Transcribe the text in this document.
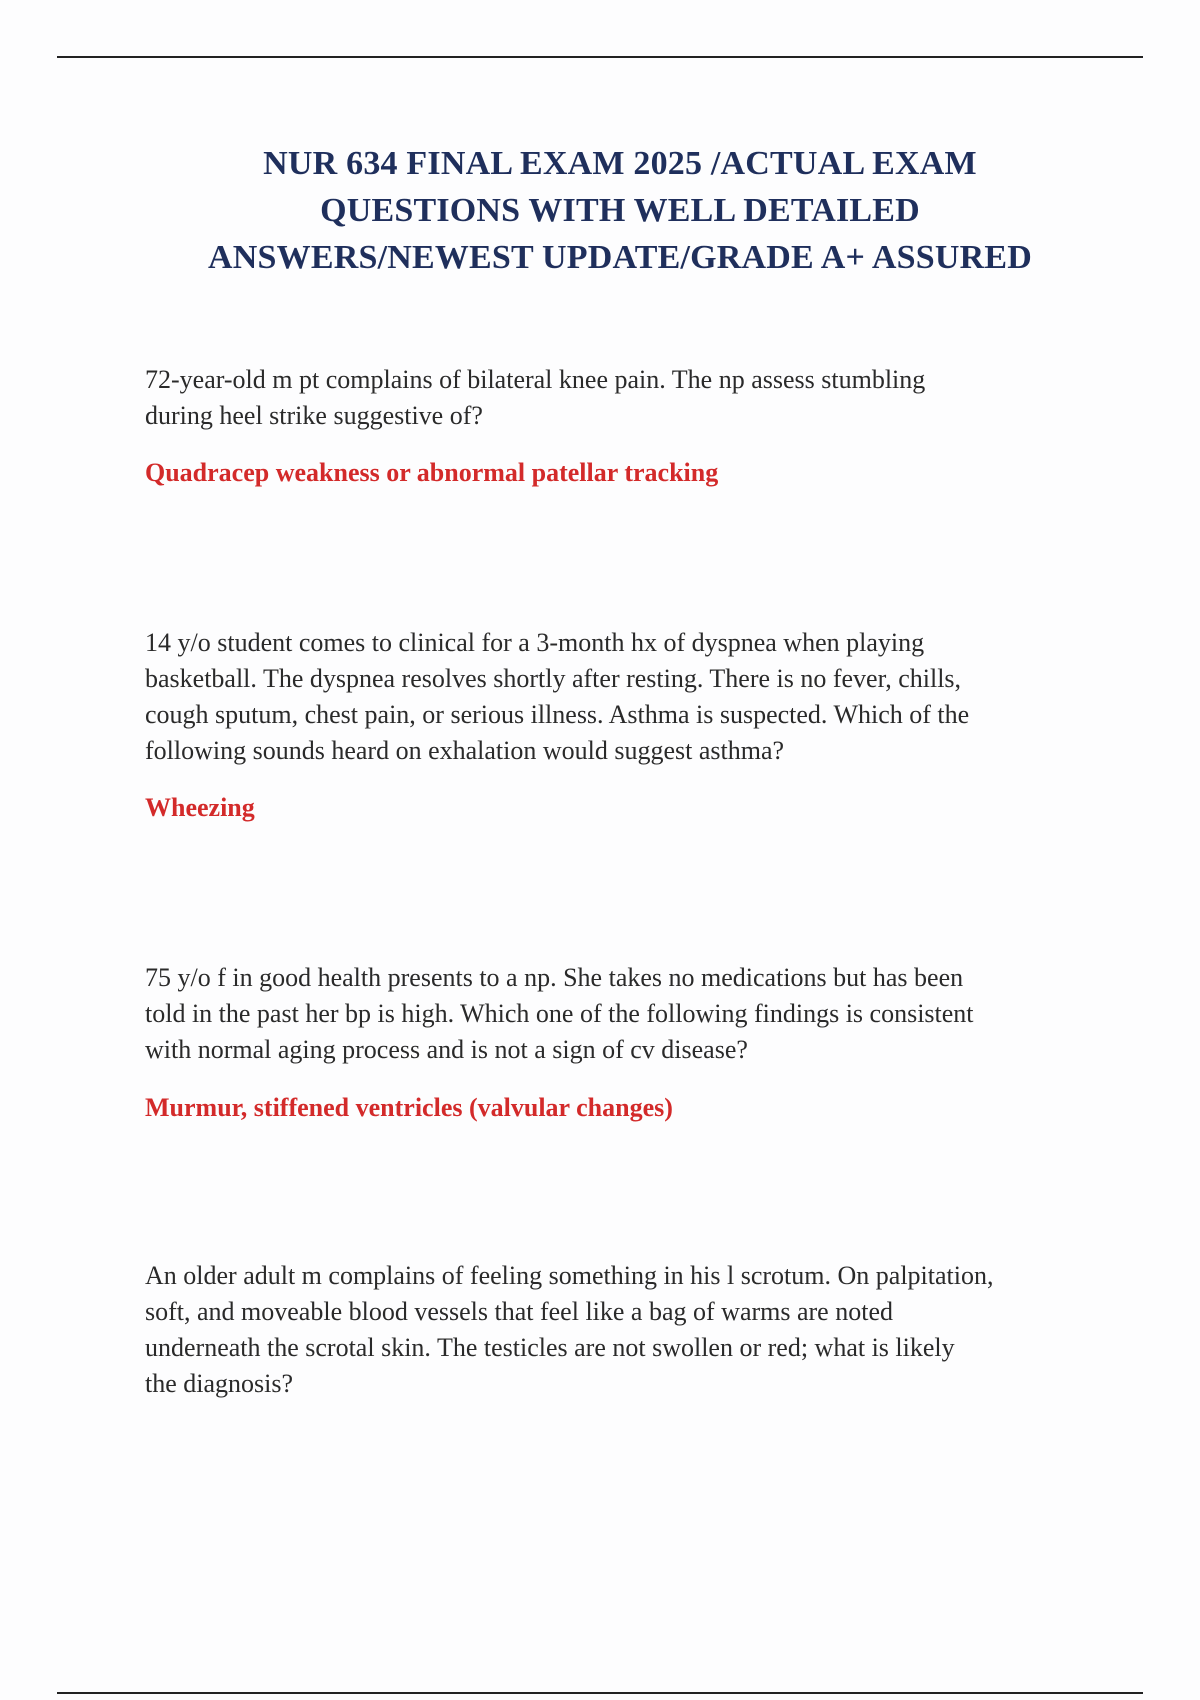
NUR 634 FINAL EXAM 2025 /ACTUAL EXAM
QUESTIONS WITH WELL DETAILED
ANSWERS/NEWEST UPDATE/GRADE A+ ASSURED
72-year-old m pt complains of bilateral knee pain. The np assess stumbling
during heel strike suggestive of?
Quadracep weakness or abnormal patellar tracking
14 y/o student comes to clinical for a 3-month hx of dyspnea when playing
basketball. The dyspnea resolves shortly after resting. There is no fever, chills,
cough sputum, chest pain, or serious illness. Asthma is suspected. Which of the
following sounds heard on exhalation would suggest asthma?
Wheezing
75 y/o f in good health presents to a np. She takes no medications but has been
told in the past her bp is high. Which one of the following findings is consistent
with normal aging process and is not a sign of cv disease?
Murmur, stiffened ventricles (valvular changes)
An older adult m complains of feeling something in his l scrotum. On palpitation,
soft, and moveable blood vessels that feel like a bag of warms are noted
underneath the scrotal skin. The testicles are not swollen or red; what is likely
the diagnosis?
